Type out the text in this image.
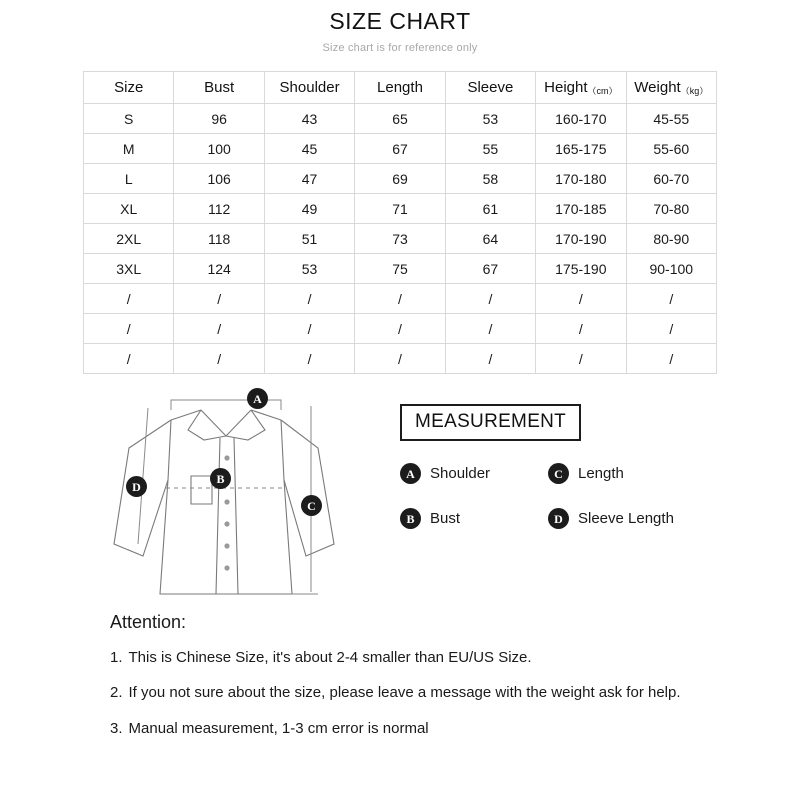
SIZE CHART
Size chart is for reference only
Size	Bust	Shoulder	Length	Sleeve	Height（cm）	Weight（kg）
S	96	43	65	53	160-170	45-55
M	100	45	67	55	165-175	55-60
L	106	47	69	58	170-180	60-70
XL	112	49	71	61	170-185	70-80
2XL	118	51	73	64	170-190	80-90
3XL	124	53	75	67	175-190	90-100
/	/	/	/	/	/	/
/	/	/	/	/	/	/
/	/	/	/	/	/	/
A
B
C
D
MEASUREMENT
A Shoulder	C Length
B Bust	D Sleeve Length
Attention:
1. This is Chinese Size, it's about 2-4 smaller than EU/US Size.
2. If you not sure about the size, please leave a message with the weight ask for help.
3. Manual measurement, 1-3 cm error is normal
